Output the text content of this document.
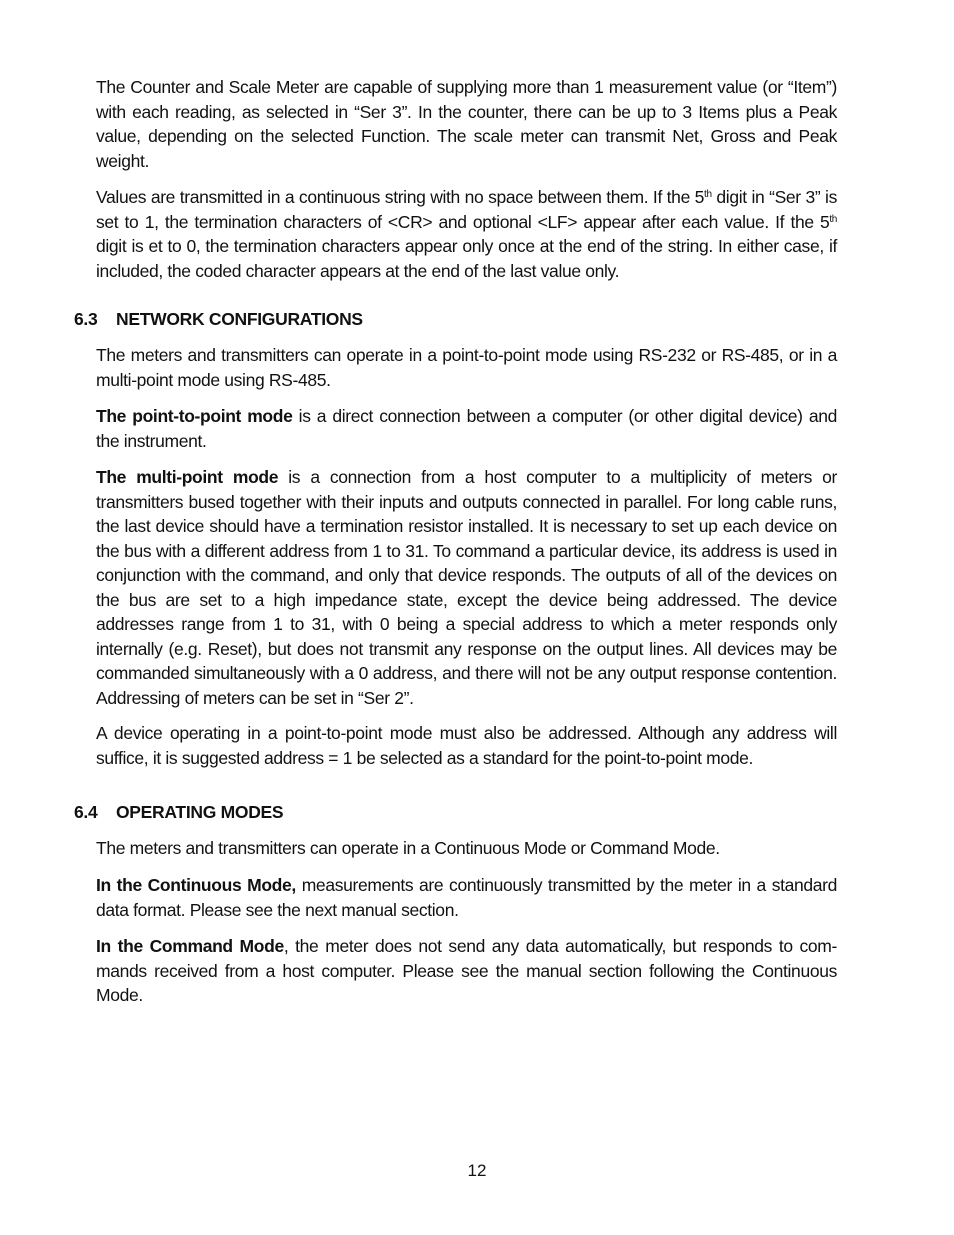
The Counter and Scale Meter are capable of supplying more than 1 measurement value (or “Item”) with each reading, as selected in “Ser 3”. In the counter, there can be up to 3 Items plus a Peak value, depending on the selected Function. The scale meter can transmit Net, Gross and Peak weight.

Values are transmitted in a continuous string with no space between them. If the 5th digit in “Ser 3” is set to 1, the termination characters of <CR> and optional <LF> appear after each value. If the 5th digit is et to 0, the termination characters appear only once at the end of the string. In either case, if included, the coded character appears at the end of the last value only.

6.3 NETWORK CONFIGURATIONS

The meters and transmitters can operate in a point-to-point mode using RS-232 or RS-485, or in a multi-point mode using RS-485.

The point-to-point mode is a direct connection between a computer (or other digital device) and the instrument.

The multi-point mode is a connection from a host computer to a multiplicity of meters or transmitters bused together with their inputs and outputs connected in parallel. For long cable runs, the last device should have a termination resistor installed. It is necessary to set up each device on the bus with a different address from 1 to 31. To command a particular device, its address is used in conjunction with the command, and only that device responds. The outputs of all of the devices on the bus are set to a high impedance state, except the device being addressed. The device addresses range from 1 to 31, with 0 being a special address to which a meter responds only internally (e.g. Reset), but does not transmit any response on the output lines. All devices may be commanded simultaneously with a 0 address, and there will not be any output response contention. Addressing of meters can be set in “Ser 2”.

A device operating in a point-to-point mode must also be addressed. Although any address will suffice, it is suggested address = 1 be selected as a standard for the point-to-point mode.

6.4 OPERATING MODES

The meters and transmitters can operate in a Continuous Mode or Command Mode.

In the Continuous Mode, measurements are continuously transmitted by the meter in a standard data format. Please see the next manual section.

In the Command Mode, the meter does not send any data automatically, but responds to com-mands received from a host computer. Please see the manual section following the Continuous Mode.

12
